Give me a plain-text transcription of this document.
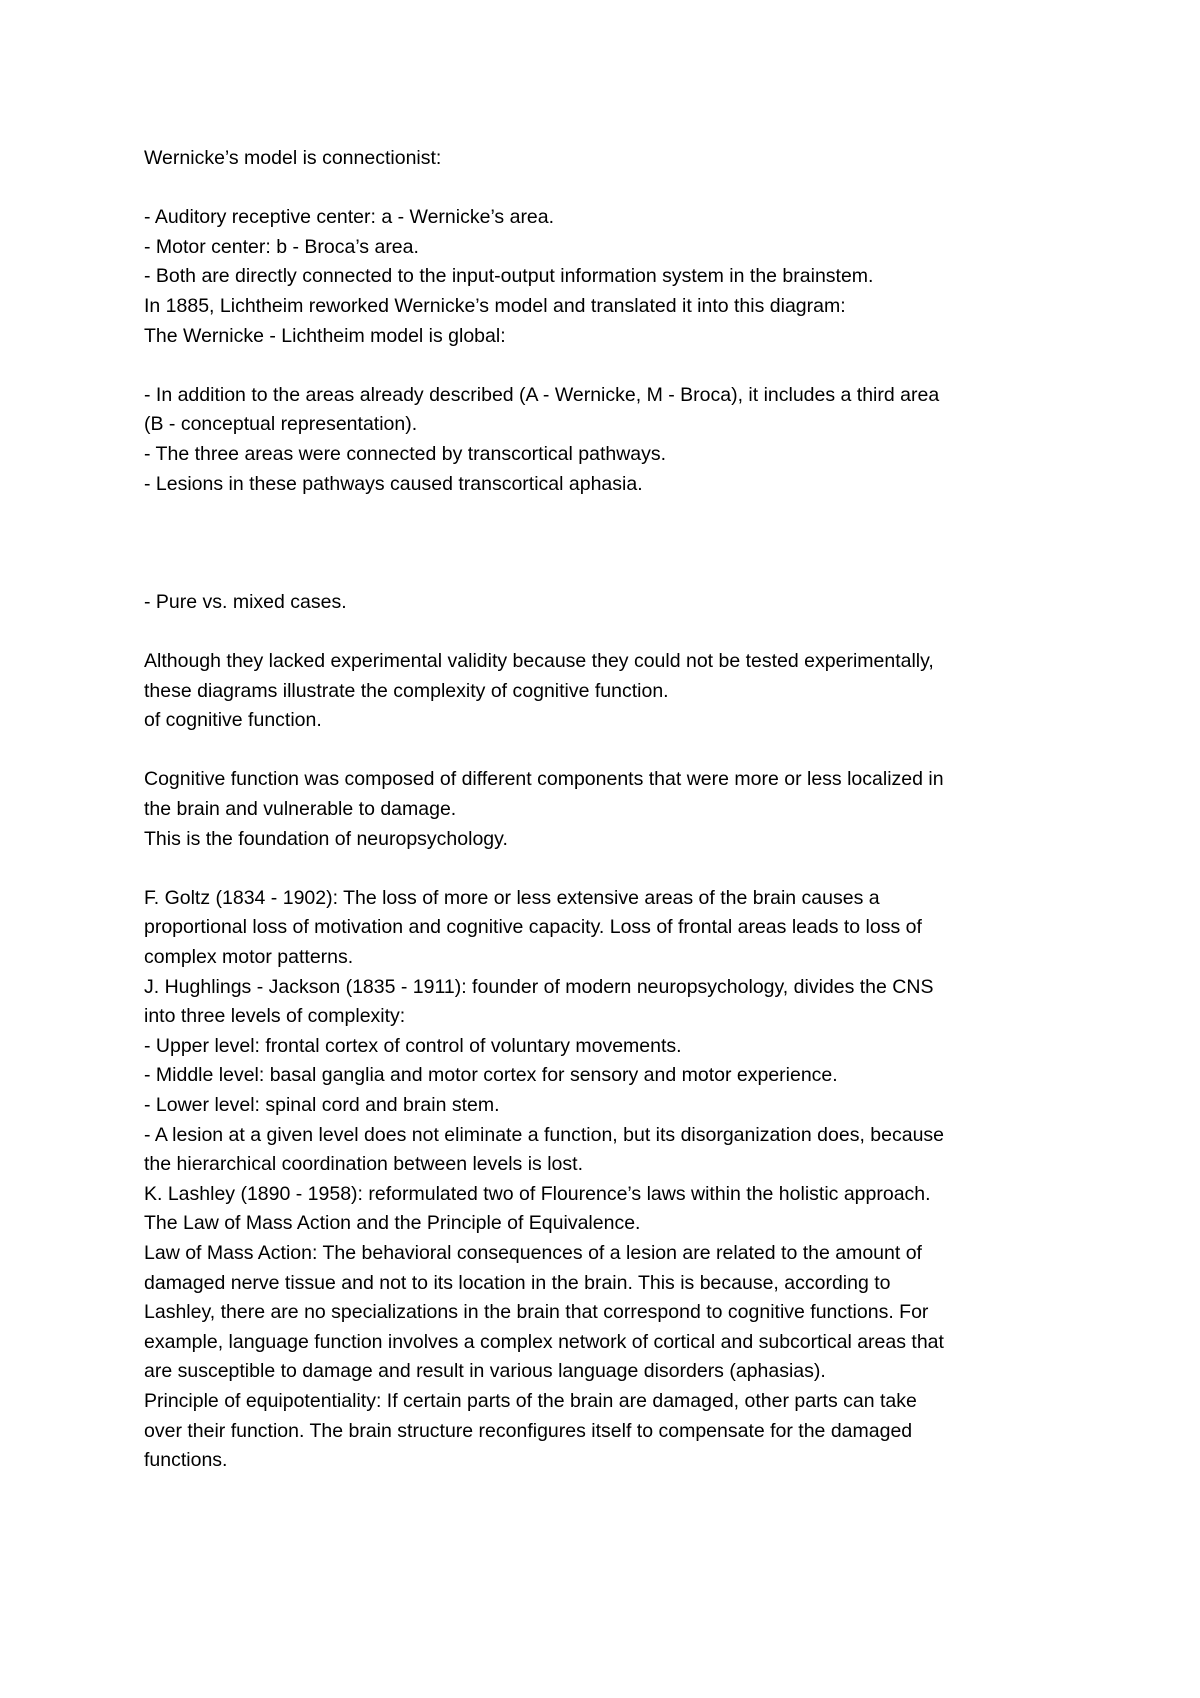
Wernicke’s model is connectionist:
- Auditory receptive center: a - Wernicke’s area.
- Motor center: b - Broca’s area.
- Both are directly connected to the input-output information system in the brainstem.
In 1885, Lichtheim reworked Wernicke’s model and translated it into this diagram:
The Wernicke - Lichtheim model is global:
- In addition to the areas already described (A - Wernicke, M - Broca), it includes a third area
(B - conceptual representation).
- The three areas were connected by transcortical pathways.
- Lesions in these pathways caused transcortical aphasia.
- Pure vs. mixed cases.
Although they lacked experimental validity because they could not be tested experimentally,
these diagrams illustrate the complexity of cognitive function.
of cognitive function.
Cognitive function was composed of different components that were more or less localized in
the brain and vulnerable to damage.
This is the foundation of neuropsychology.
F. Goltz (1834 - 1902): The loss of more or less extensive areas of the brain causes a
proportional loss of motivation and cognitive capacity. Loss of frontal areas leads to loss of
complex motor patterns.
J. Hughlings - Jackson (1835 - 1911): founder of modern neuropsychology, divides the CNS
into three levels of complexity:
- Upper level: frontal cortex of control of voluntary movements.
- Middle level: basal ganglia and motor cortex for sensory and motor experience.
- Lower level: spinal cord and brain stem.
- A lesion at a given level does not eliminate a function, but its disorganization does, because
the hierarchical coordination between levels is lost.
K. Lashley (1890 - 1958): reformulated two of Flourence’s laws within the holistic approach.
The Law of Mass Action and the Principle of Equivalence.
Law of Mass Action: The behavioral consequences of a lesion are related to the amount of
damaged nerve tissue and not to its location in the brain. This is because, according to
Lashley, there are no specializations in the brain that correspond to cognitive functions. For
example, language function involves a complex network of cortical and subcortical areas that
are susceptible to damage and result in various language disorders (aphasias).
Principle of equipotentiality: If certain parts of the brain are damaged, other parts can take
over their function. The brain structure reconfigures itself to compensate for the damaged
functions.
